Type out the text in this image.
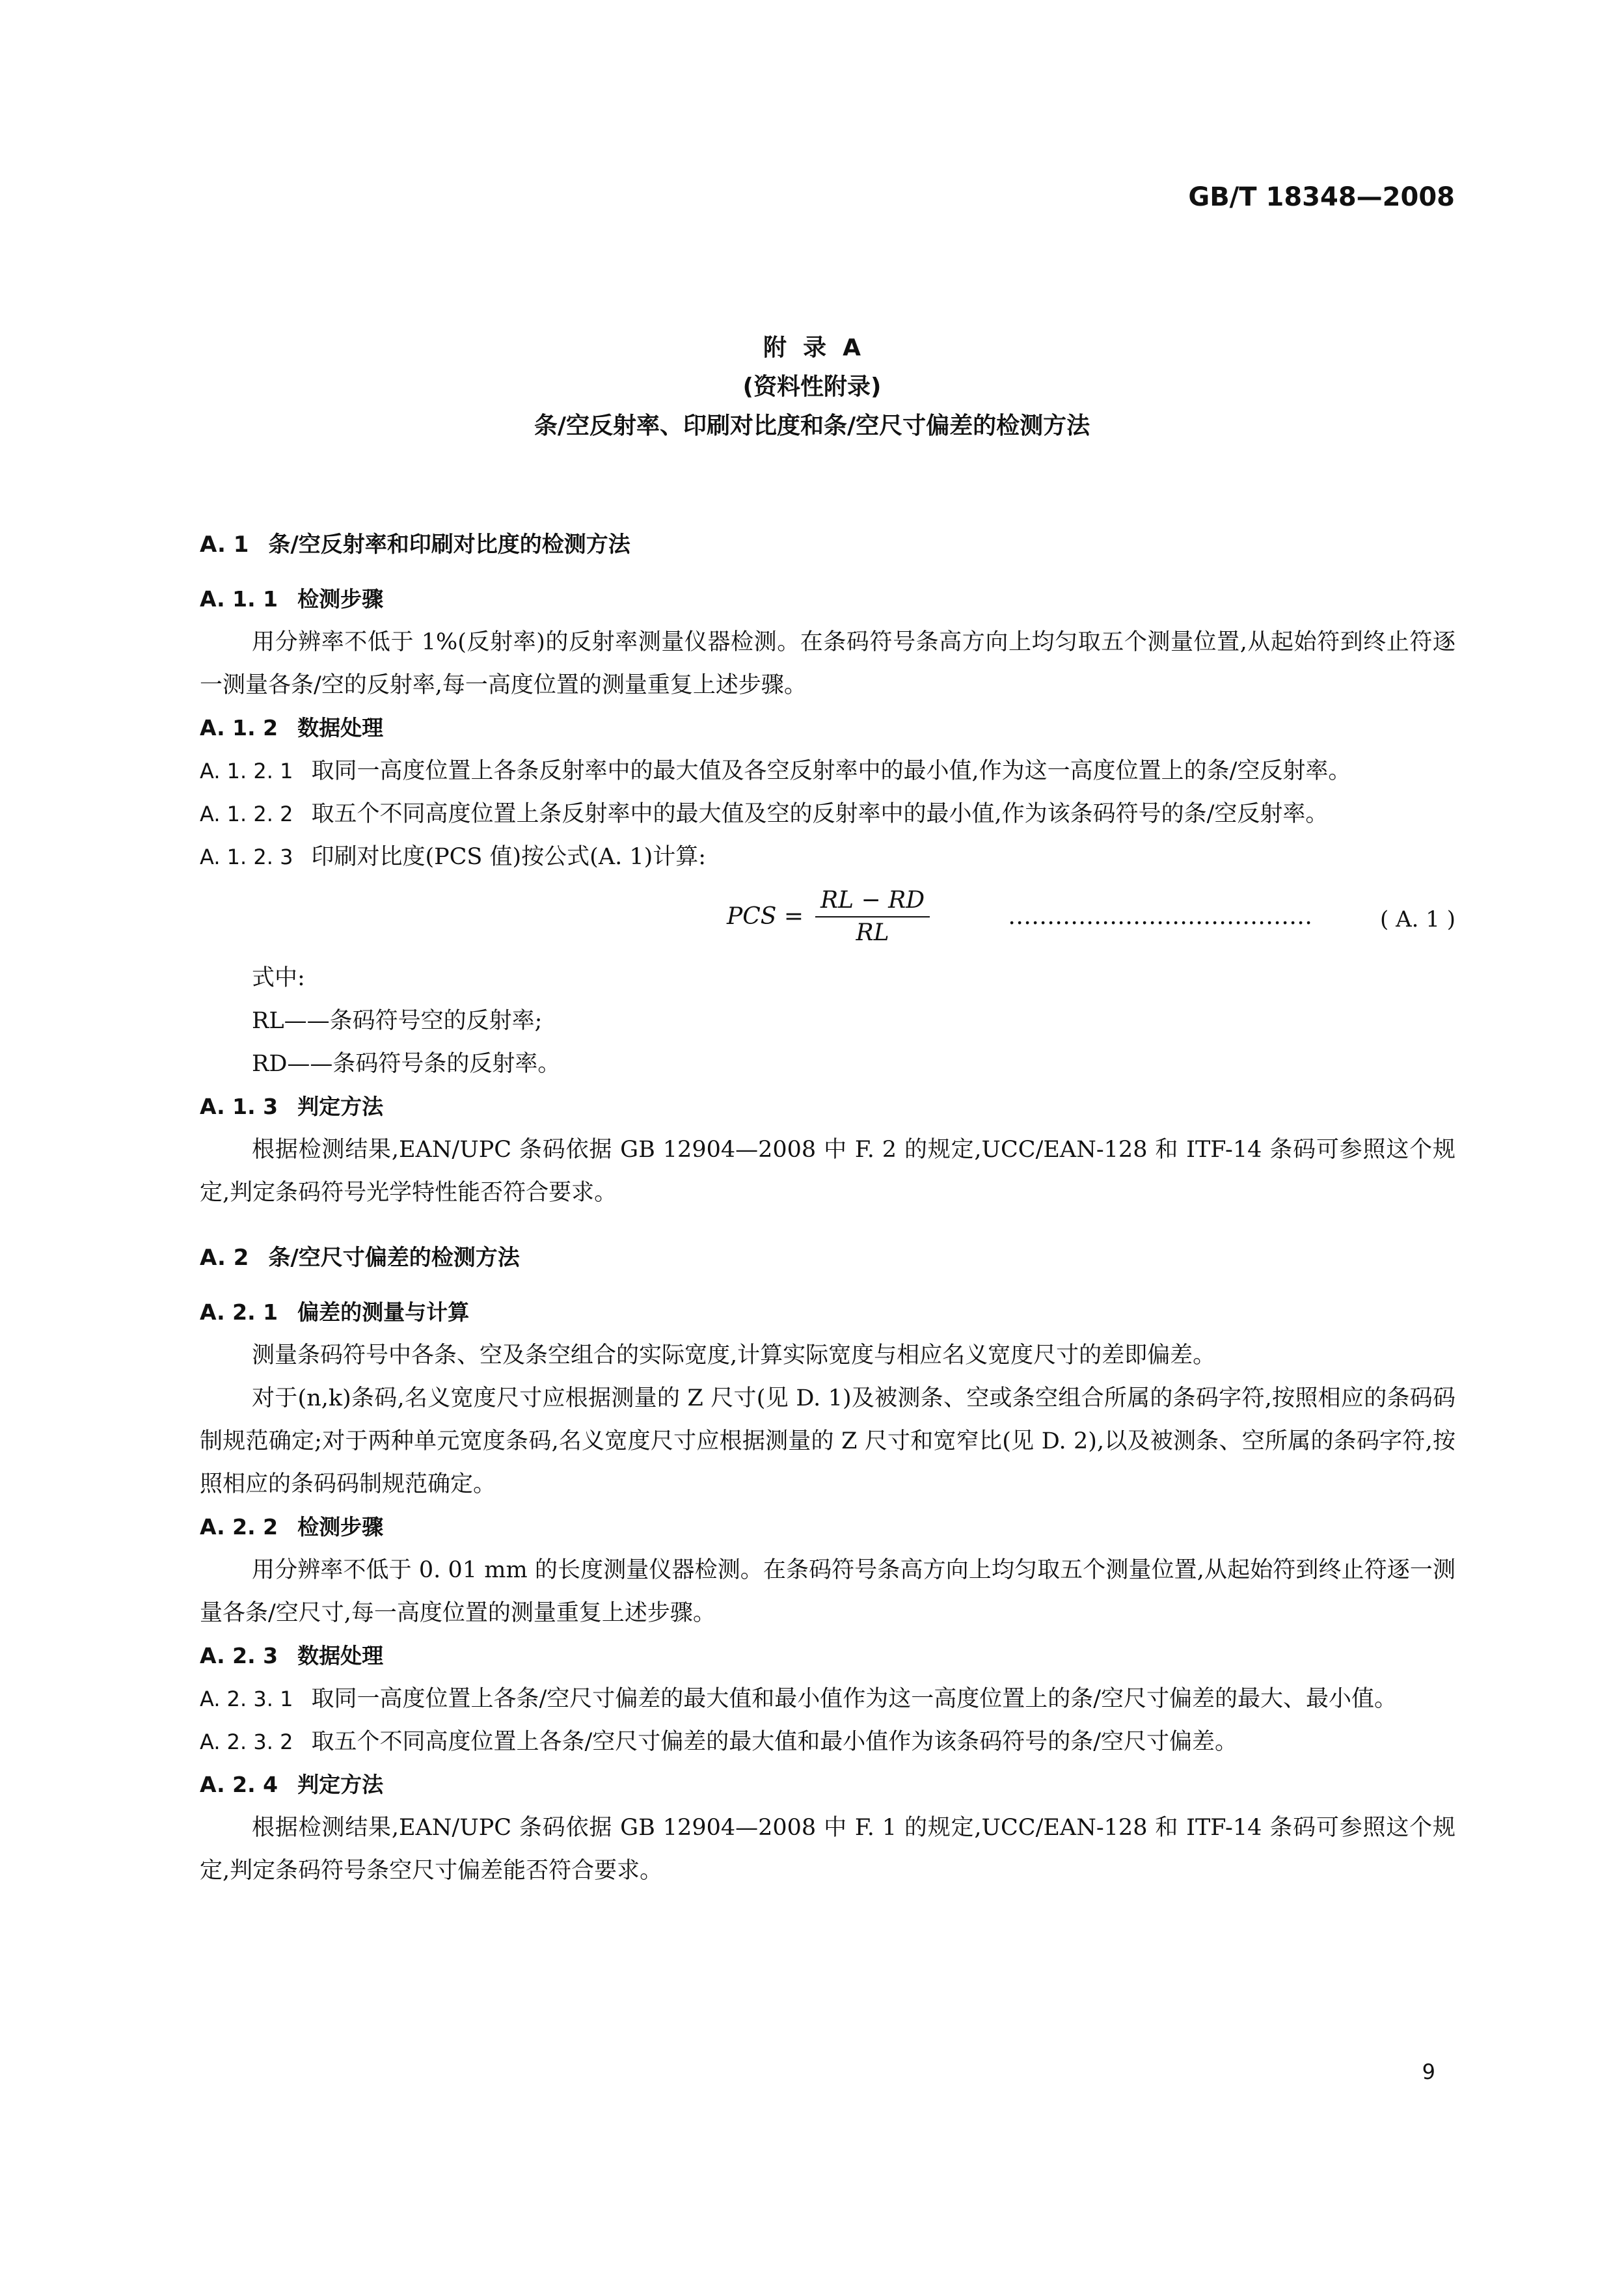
GB/T 18348—2008
附  录  A
(资料性附录)
条/空反射率、印刷对比度和条/空尺寸偏差的检测方法
A. 1 条/空反射率和印刷对比度的检测方法
A. 1. 1 检测步骤
用分辨率不低于 1%(反射率)的反射率测量仪器检测。在条码符号条高方向上均匀取五个测量位置,从起始符到终止符逐一测量各条/空的反射率,每一高度位置的测量重复上述步骤。
A. 1. 2 数据处理
A. 1. 2. 1 取同一高度位置上各条反射率中的最大值及各空反射率中的最小值,作为这一高度位置上的条/空反射率。
A. 1. 2. 2 取五个不同高度位置上条反射率中的最大值及空的反射率中的最小值,作为该条码符号的条/空反射率。
A. 1. 2. 3 印刷对比度(PCS 值)按公式(A. 1)计算:
PCS = $\frac{RL - RD}{RL}$	…………………………………	( A. 1 )
式中:
RL——条码符号空的反射率;
RD——条码符号条的反射率。
A. 1. 3 判定方法
根据检测结果,EAN/UPC 条码依据 GB 12904—2008 中 F. 2 的规定,UCC/EAN-128 和 ITF-14 条码可参照这个规定,判定条码符号光学特性能否符合要求。
A. 2 条/空尺寸偏差的检测方法
A. 2. 1 偏差的测量与计算
测量条码符号中各条、空及条空组合的实际宽度,计算实际宽度与相应名义宽度尺寸的差即偏差。
对于(n,k)条码,名义宽度尺寸应根据测量的 Z 尺寸(见 D. 1)及被测条、空或条空组合所属的条码字符,按照相应的条码码制规范确定;对于两种单元宽度条码,名义宽度尺寸应根据测量的 Z 尺寸和宽窄比(见 D. 2),以及被测条、空所属的条码字符,按照相应的条码码制规范确定。
A. 2. 2 检测步骤
用分辨率不低于 0. 01 mm 的长度测量仪器检测。在条码符号条高方向上均匀取五个测量位置,从起始符到终止符逐一测量各条/空尺寸,每一高度位置的测量重复上述步骤。
A. 2. 3 数据处理
A. 2. 3. 1 取同一高度位置上各条/空尺寸偏差的最大值和最小值作为这一高度位置上的条/空尺寸偏差的最大、最小值。
A. 2. 3. 2 取五个不同高度位置上各条/空尺寸偏差的最大值和最小值作为该条码符号的条/空尺寸偏差。
A. 2. 4 判定方法
根据检测结果,EAN/UPC 条码依据 GB 12904—2008 中 F. 1 的规定,UCC/EAN-128 和 ITF-14 条码可参照这个规定,判定条码符号条空尺寸偏差能否符合要求。
9
